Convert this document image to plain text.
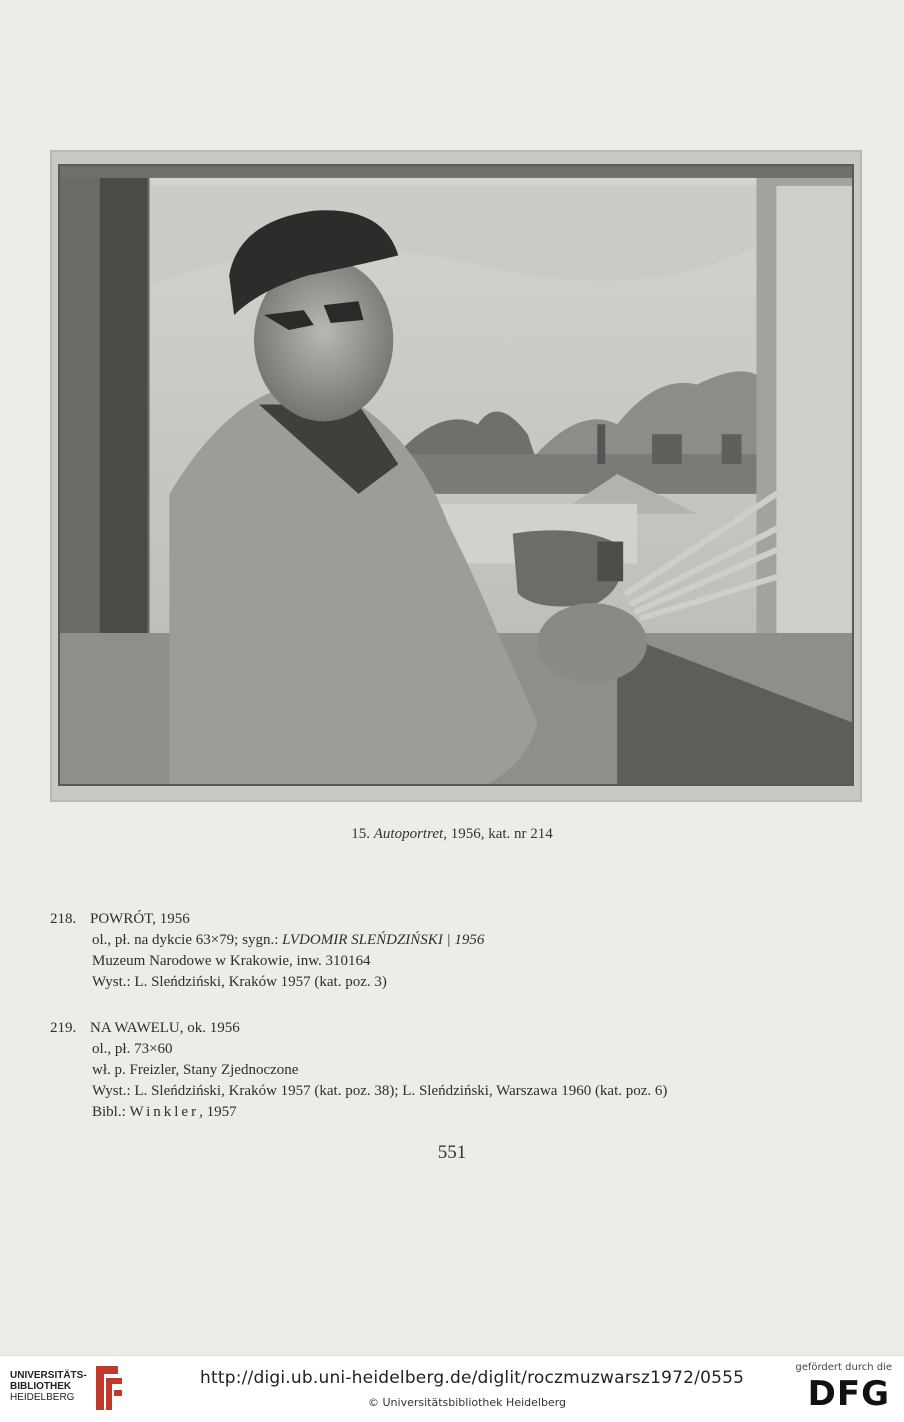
15. Autoportret, 1956, kat. nr 214
218. POWRÓT, 1956
ol., pł. na dykcie 63×79; sygn.: LVDOMIR SLEŃDZIŃSKI | 1956
Muzeum Narodowe w Krakowie, inw. 310164
Wyst.: L. Sleńdziński, Kraków 1957 (kat. poz. 3)
219. NA WAWELU, ok. 1956
ol., pł. 73×60
wł. p. Freizler, Stany Zjednoczone
Wyst.: L. Sleńdziński, Kraków 1957 (kat. poz. 38); L. Sleńdziński, Warszawa 1960 (kat. poz. 6)
Bibl.: Winkler, 1957
551
UNIVERSITÄTS-
BIBLIOTHEK
HEIDELBERG
http://digi.ub.uni-heidelberg.de/diglit/roczmuzwarsz1972/0555
© Universitätsbibliothek Heidelberg
gefördert durch die
DFG
